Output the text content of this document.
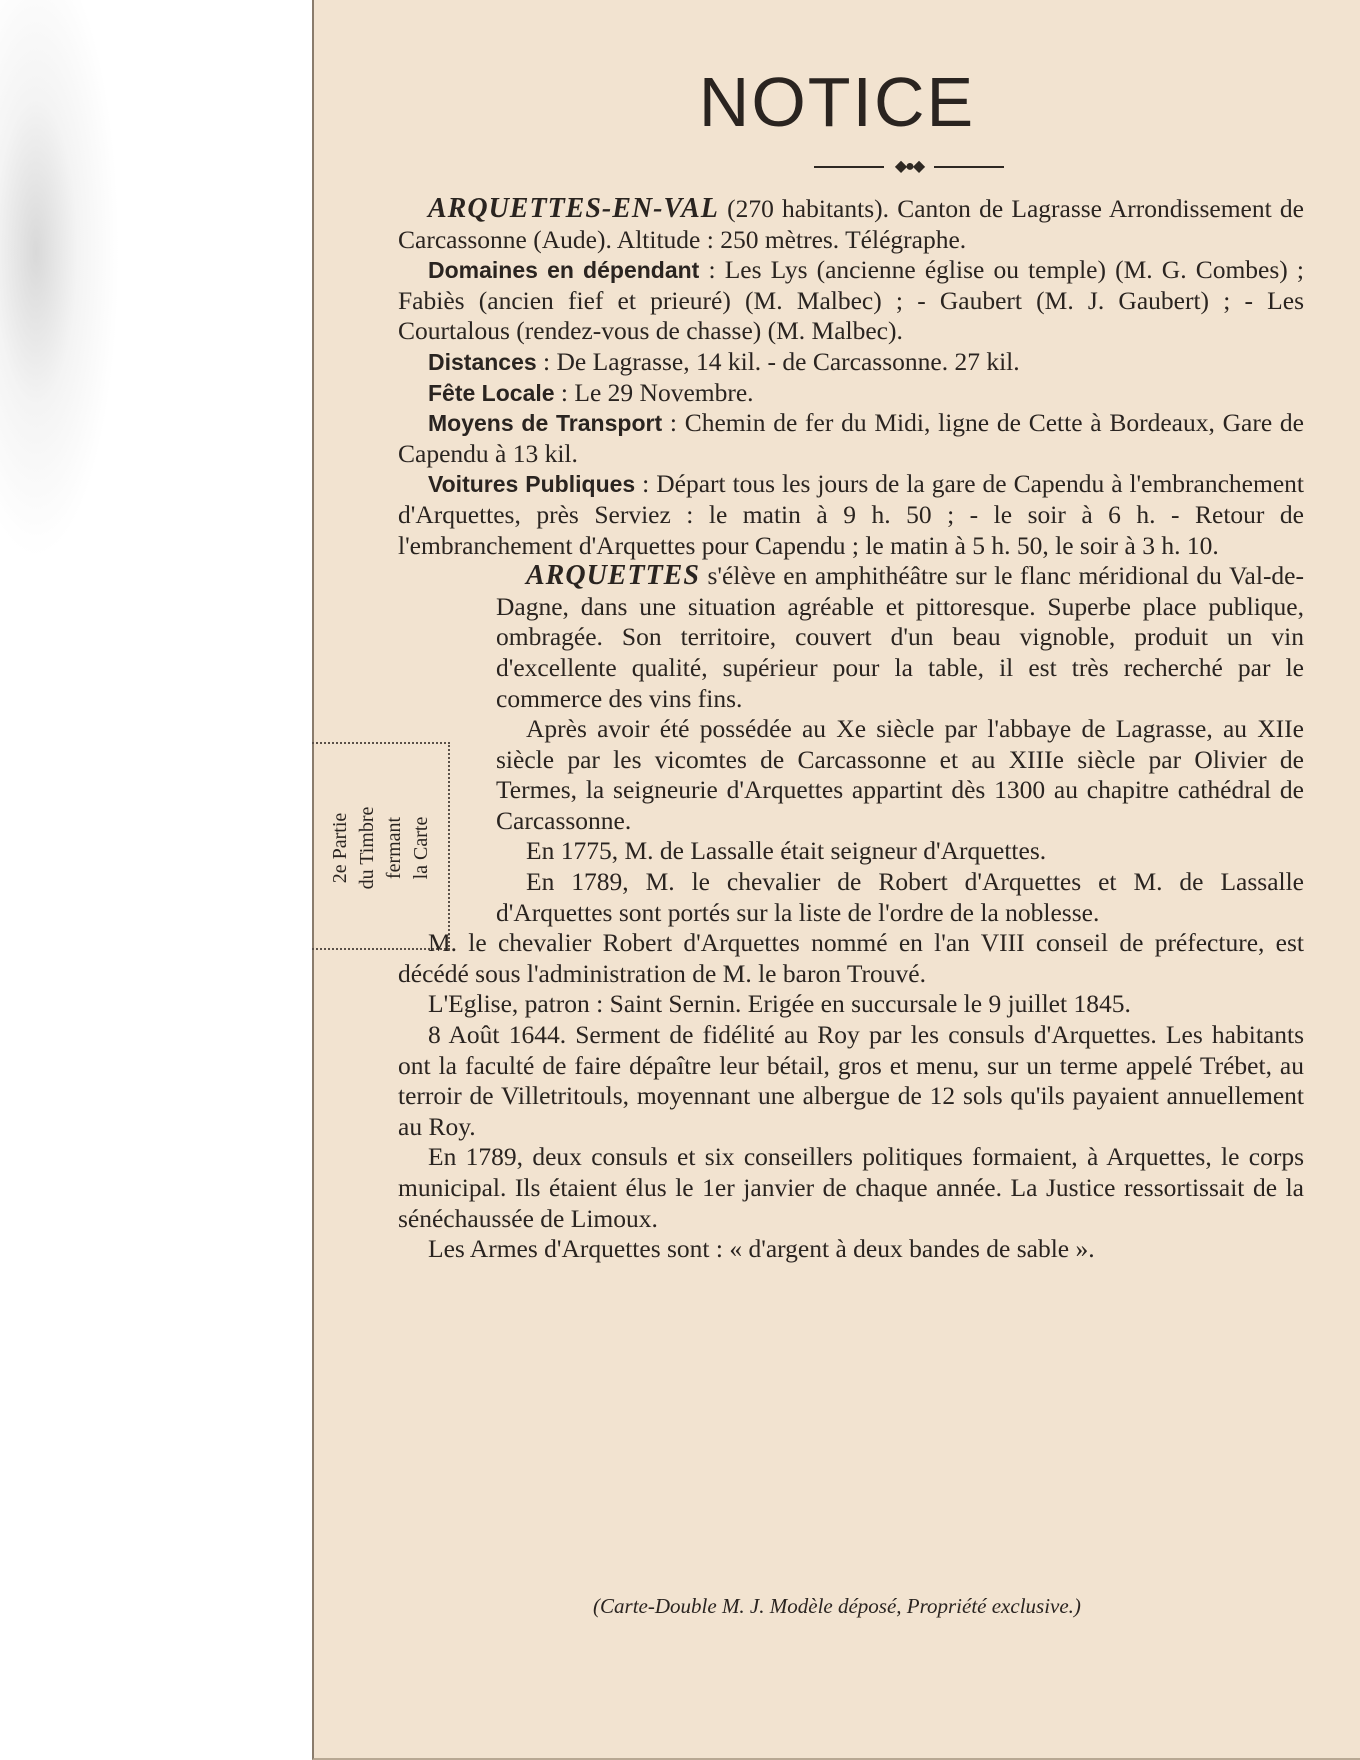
NOTICE
◆●◆
2e Partie du Timbre fermant la Carte

ARQUETTES-EN-VAL (270 habitants). Canton de Lagrasse Arrondissement de Carcassonne (Aude). Altitude : 250 mètres. Télégraphe.

Domaines en dépendant : Les Lys (ancienne église ou temple) (M. G. Combes) ; Fabiès (ancien fief et prieuré) (M. Malbec) ; - Gaubert (M. J. Gaubert) ; - Les Courtalous (rendez-vous de chasse) (M. Malbec).

Distances : De Lagrasse, 14 kil. - de Carcassonne. 27 kil.

Fête Locale : Le 29 Novembre.

Moyens de Transport : Chemin de fer du Midi, ligne de Cette à Bordeaux, Gare de Capendu à 13 kil.

Voitures Publiques : Départ tous les jours de la gare de Capendu à l'embranchement d'Arquettes, près Serviez : le matin à 9 h. 50 ; - le soir à 6 h. - Retour de l'embranchement d'Arquettes pour Capendu ; le matin à 5 h. 50, le soir à 3 h. 10.

ARQUETTES s'élève en amphithéâtre sur le flanc méridional du Val-de-Dagne, dans une situation agréable et pittoresque. Superbe place publique, ombragée. Son territoire, couvert d'un beau vignoble, produit un vin d'excellente qualité, supérieur pour la table, il est très recherché par le commerce des vins fins.

Après avoir été possédée au Xe siècle par l'abbaye de Lagrasse, au XIIe siècle par les vicomtes de Carcassonne et au XIIIe siècle par Olivier de Termes, la seigneurie d'Arquettes appartint dès 1300 au chapitre cathédral de Carcassonne.

En 1775, M. de Lassalle était seigneur d'Arquettes.

En 1789, M. le chevalier de Robert d'Arquettes et M. de Lassalle d'Arquettes sont portés sur la liste de l'ordre de la noblesse.

M. le chevalier Robert d'Arquettes nommé en l'an VIII conseil de préfecture, est décédé sous l'administration de M. le baron Trouvé.

L'Eglise, patron : Saint Sernin. Erigée en succursale le 9 juillet 1845.

8 Août 1644. Serment de fidélité au Roy par les consuls d'Arquettes. Les habitants ont la faculté de faire dépaître leur bétail, gros et menu, sur un terme appelé Trébet, au terroir de Villetritouls, moyennant une albergue de 12 sols qu'ils payaient annuellement au Roy.

En 1789, deux consuls et six conseillers politiques formaient, à Arquettes, le corps municipal. Ils étaient élus le 1er janvier de chaque année. La Justice ressortissait de la sénéchaussée de Limoux.

Les Armes d'Arquettes sont : « d'argent à deux bandes de sable ».

(Carte-Double M. J. Modèle déposé, Propriété exclusive.)
